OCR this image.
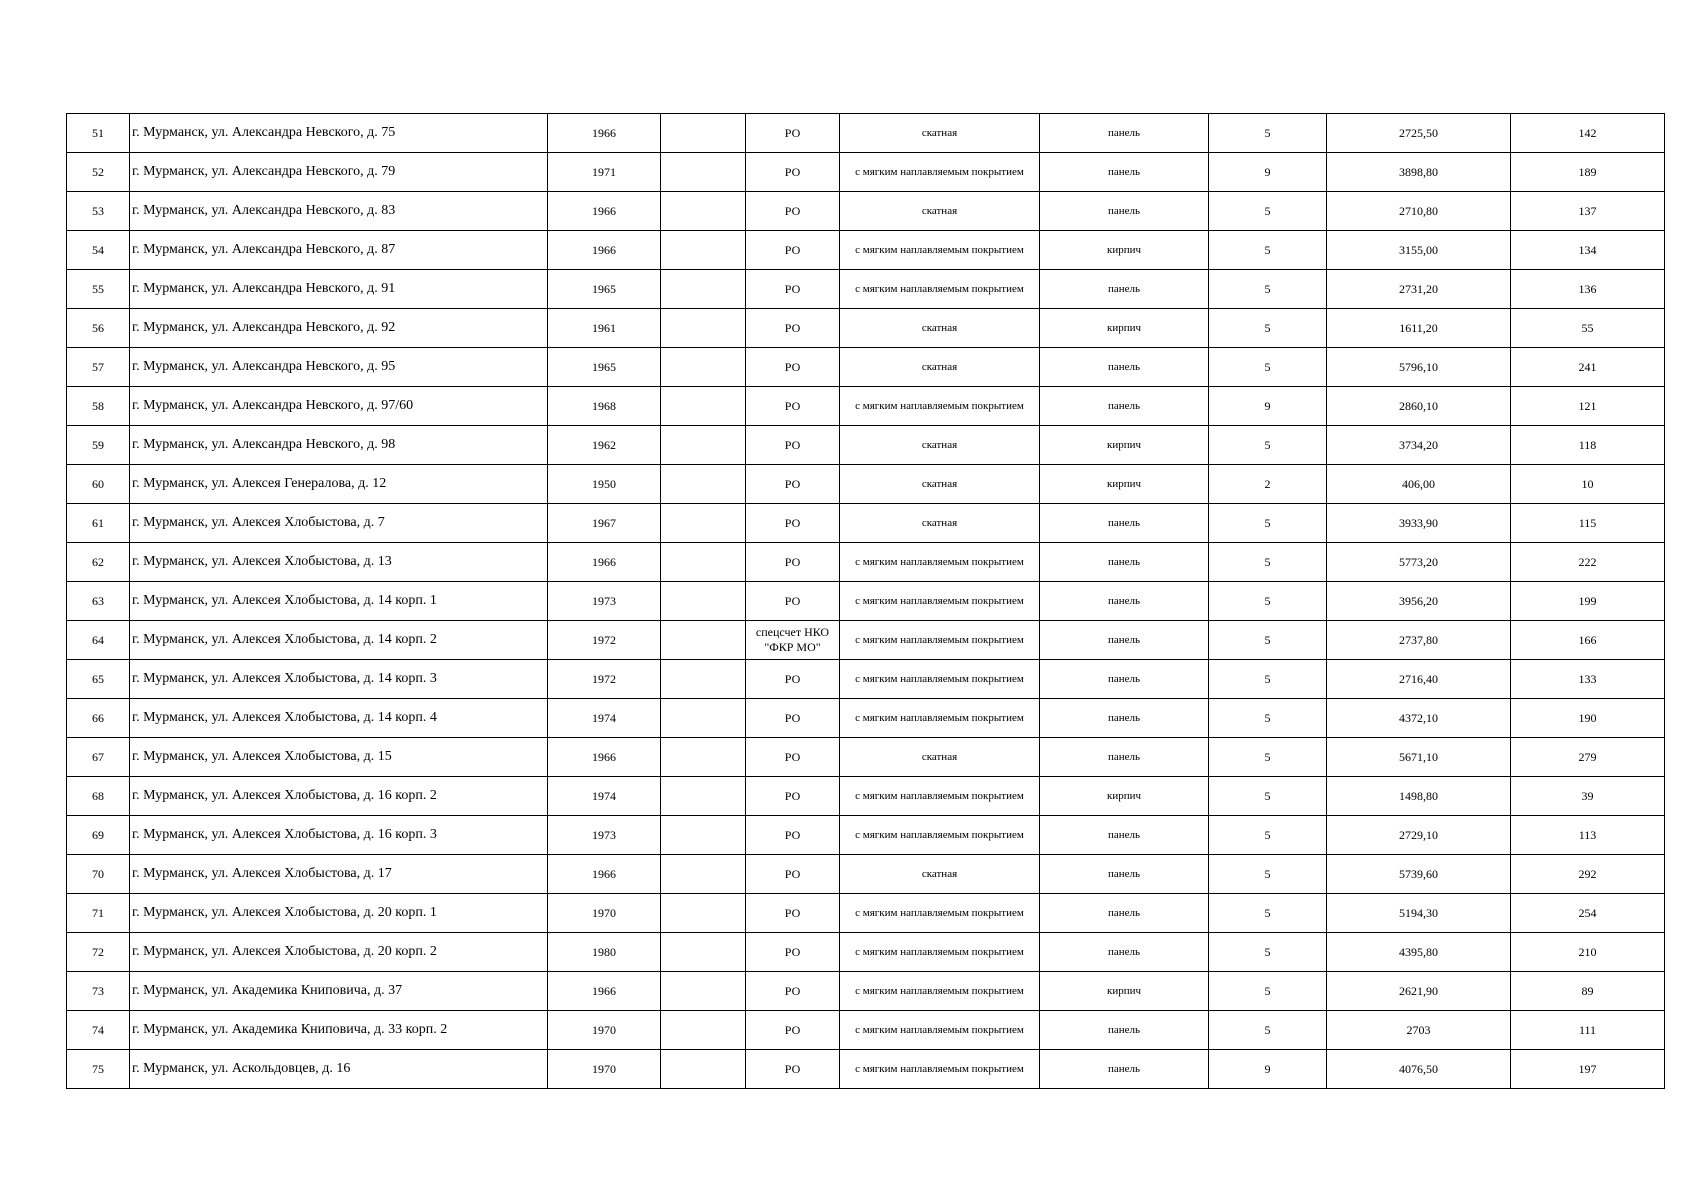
51	г. Мурманск, ул. Александра Невского, д. 75	1966		РО	скатная	панель	5	2725,50	142
52	г. Мурманск, ул. Александра Невского, д. 79	1971		РО	с мягким наплавляемым покрытием	панель	9	3898,80	189
53	г. Мурманск, ул. Александра Невского, д. 83	1966		РО	скатная	панель	5	2710,80	137
54	г. Мурманск, ул. Александра Невского, д. 87	1966		РО	с мягким наплавляемым покрытием	кирпич	5	3155,00	134
55	г. Мурманск, ул. Александра Невского, д. 91	1965		РО	с мягким наплавляемым покрытием	панель	5	2731,20	136
56	г. Мурманск, ул. Александра Невского, д. 92	1961		РО	скатная	кирпич	5	1611,20	55
57	г. Мурманск, ул. Александра Невского, д. 95	1965		РО	скатная	панель	5	5796,10	241
58	г. Мурманск, ул. Александра Невского, д. 97/60	1968		РО	с мягким наплавляемым покрытием	панель	9	2860,10	121
59	г. Мурманск, ул. Александра Невского, д. 98	1962		РО	скатная	кирпич	5	3734,20	118
60	г. Мурманск, ул. Алексея Генералова, д. 12	1950		РО	скатная	кирпич	2	406,00	10
61	г. Мурманск, ул. Алексея Хлобыстова, д. 7	1967		РО	скатная	панель	5	3933,90	115
62	г. Мурманск, ул. Алексея Хлобыстова, д. 13	1966		РО	с мягким наплавляемым покрытием	панель	5	5773,20	222
63	г. Мурманск, ул. Алексея Хлобыстова, д. 14 корп. 1	1973		РО	с мягким наплавляемым покрытием	панель	5	3956,20	199
64	г. Мурманск, ул. Алексея Хлобыстова, д. 14 корп. 2	1972		спецсчет НКО "ФКР МО"	с мягким наплавляемым покрытием	панель	5	2737,80	166
65	г. Мурманск, ул. Алексея Хлобыстова, д. 14 корп. 3	1972		РО	с мягким наплавляемым покрытием	панель	5	2716,40	133
66	г. Мурманск, ул. Алексея Хлобыстова, д. 14 корп. 4	1974		РО	с мягким наплавляемым покрытием	панель	5	4372,10	190
67	г. Мурманск, ул. Алексея Хлобыстова, д. 15	1966		РО	скатная	панель	5	5671,10	279
68	г. Мурманск, ул. Алексея Хлобыстова, д. 16 корп. 2	1974		РО	с мягким наплавляемым покрытием	кирпич	5	1498,80	39
69	г. Мурманск, ул. Алексея Хлобыстова, д. 16 корп. 3	1973		РО	с мягким наплавляемым покрытием	панель	5	2729,10	113
70	г. Мурманск, ул. Алексея Хлобыстова, д. 17	1966		РО	скатная	панель	5	5739,60	292
71	г. Мурманск, ул. Алексея Хлобыстова, д. 20 корп. 1	1970		РО	с мягким наплавляемым покрытием	панель	5	5194,30	254
72	г. Мурманск, ул. Алексея Хлобыстова, д. 20 корп. 2	1980		РО	с мягким наплавляемым покрытием	панель	5	4395,80	210
73	г. Мурманск, ул. Академика Книповича, д. 37	1966		РО	с мягким наплавляемым покрытием	кирпич	5	2621,90	89
74	г. Мурманск, ул. Академика Книповича, д. 33 корп. 2	1970		РО	с мягким наплавляемым покрытием	панель	5	2703	111
75	г. Мурманск, ул. Аскольдовцев, д. 16	1970		РО	с мягким наплавляемым покрытием	панель	9	4076,50	197
